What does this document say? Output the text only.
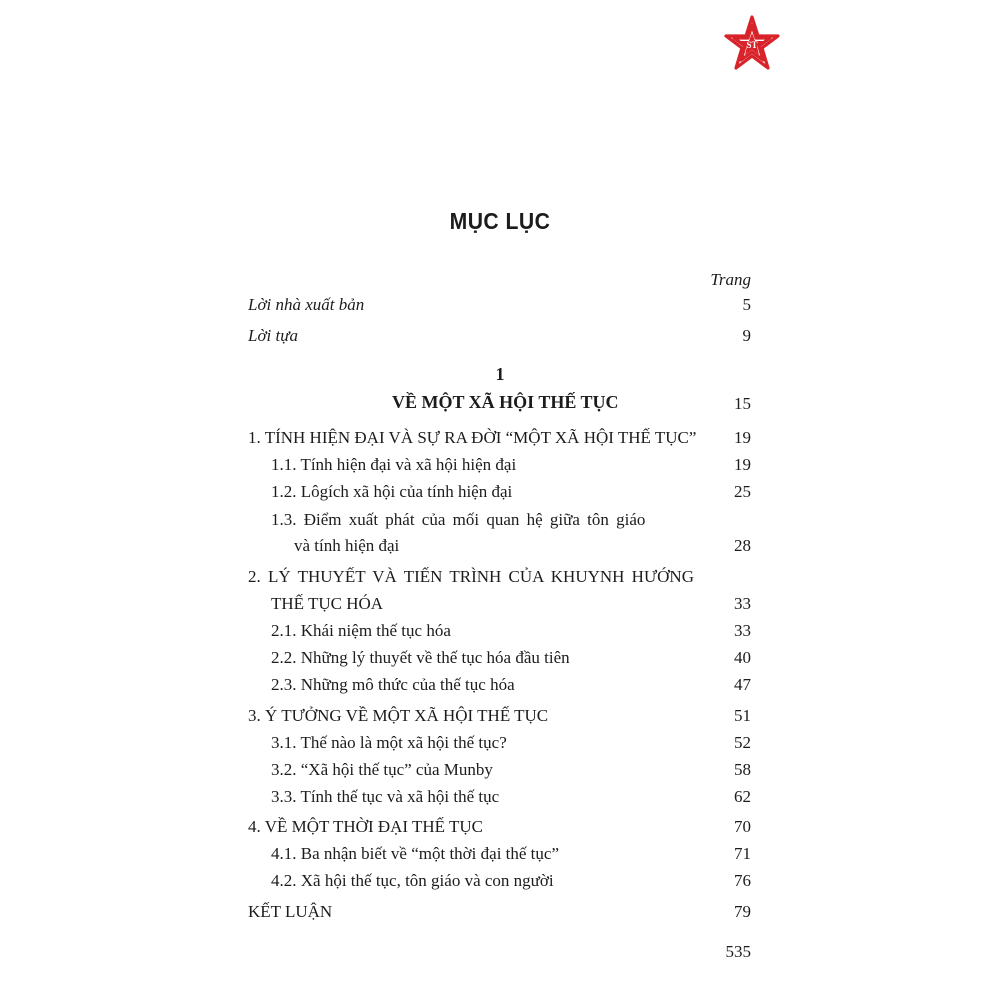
ST
MỤC LỤC
Trang
Lời nhà xuất bản	5
Lời tựa	9
1
VỀ MỘT XÃ HỘI THẾ TỤC	15
1. TÍNH HIỆN ĐẠI VÀ SỰ RA ĐỜI “MỘT XÃ HỘI THẾ TỤC” 19
1.1. Tính hiện đại và xã hội hiện đại	19
1.2. Lôgích xã hội của tính hiện đại	25
1.3. Điểm xuất phát của mối quan hệ giữa tôn giáo
và tính hiện đại	28
2. LÝ THUYẾT VÀ TIẾN TRÌNH CỦA KHUYNH HƯỚNG
THẾ TỤC HÓA	33
2.1. Khái niệm thế tục hóa	33
2.2. Những lý thuyết về thế tục hóa đầu tiên	40
2.3. Những mô thức của thế tục hóa	47
3. Ý TƯỞNG VỀ MỘT XÃ HỘI THẾ TỤC	51
3.1. Thế nào là một xã hội thế tục?	52
3.2. “Xã hội thế tục” của Munby	58
3.3. Tính thế tục và xã hội thế tục	62
4. VỀ MỘT THỜI ĐẠI THẾ TỤC	70
4.1. Ba nhận biết về “một thời đại thế tục”	71
4.2. Xã hội thế tục, tôn giáo và con người	76
KẾT LUẬN	79
535
